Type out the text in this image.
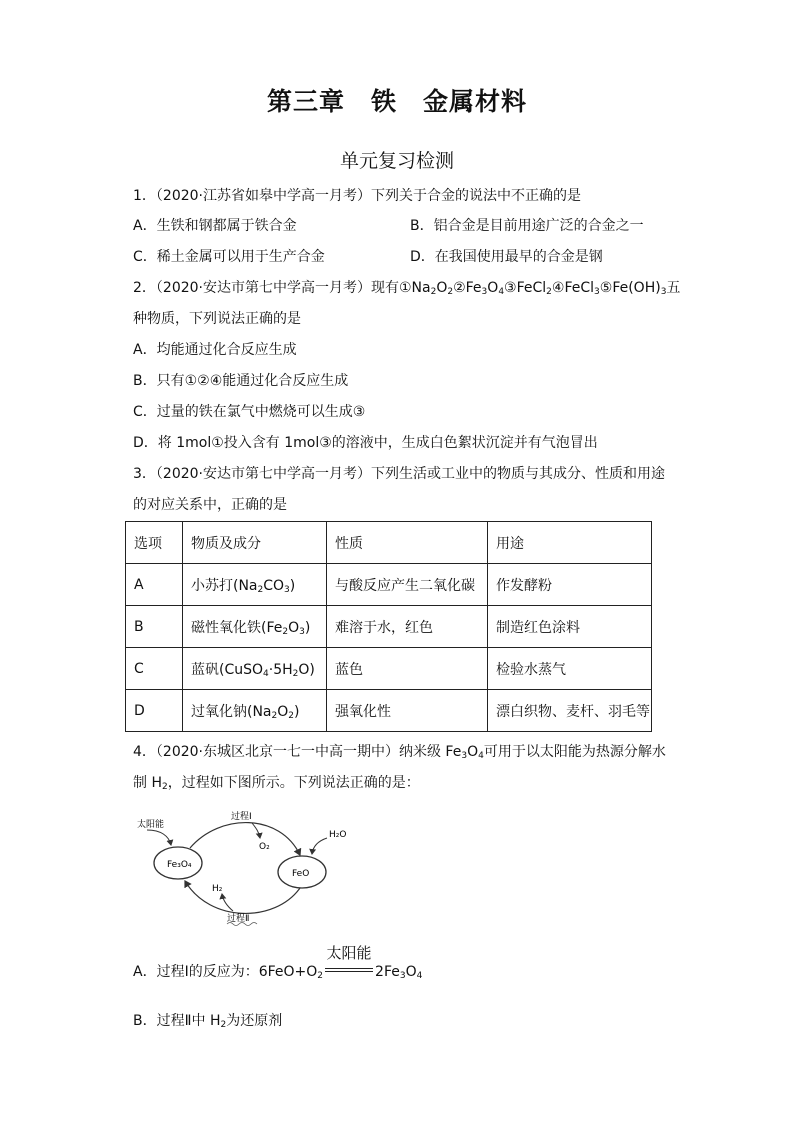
第三章　铁　金属材料
单元复习检测
1．（2020·江苏省如皋中学高一月考）下列关于合金的说法中不正确的是
A．生铁和钢都属于铁合金	B．铝合金是目前用途广泛的合金之一
C．稀土金属可以用于生产合金	D．在我国使用最早的合金是钢
2．（2020·安达市第七中学高一月考）现有$①Na_2O_2②Fe_3O_4③FeCl_2④FeCl_3⑤Fe(OH)_3$五
种物质，下列说法正确的是
A．均能通过化合反应生成
B．只有①②④能通过化合反应生成
C．过量的铁在氯气中燃烧可以生成③
D．将 1mol①投入含有 1mol③的溶液中，生成白色絮状沉淀并有气泡冒出
3．（2020·安达市第七中学高一月考）下列生活或工业中的物质与其成分、性质和用途
的对应关系中，正确的是
选项	物质及成分	性质	用途
A	小苏打$(Na_2CO_3)$	与酸反应产生二氧化碳	作发酵粉
B	磁性氧化铁$(Fe_2O_3)$	难溶于水，红色	制造红色涂料
C	蓝矾$(CuSO_4\cdot 5H_2O)$	蓝色	检验水蒸气
D	过氧化钠$(Na_2O_2)$	强氧化性	漂白织物、麦杆、羽毛等
4．（2020·东城区北京一七一中高一期中）纳米级 $Fe_3O_4$可用于以太阳能为热源分解水
制 $H_2$，过程如下图所示。下列说法正确的是：
太阳能
过程Ⅰ
O₂
H₂O
Fe₃O₄
FeO
H₂
过程Ⅱ
A．过程Ⅰ的反应为：$6FeO+O_2$
太阳能
$2Fe_3O_4$
B．过程Ⅱ中 $H_2$为还原剂
